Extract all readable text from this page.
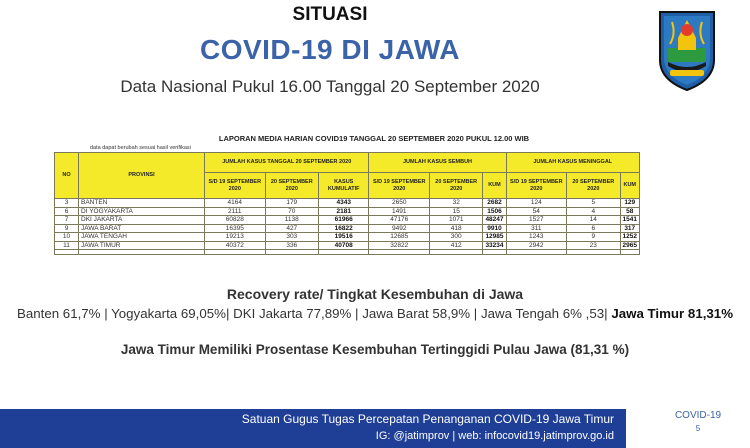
SITUASI
COVID-19 DI JAWA
Data Nasional Pukul 16.00 Tanggal 20 September 2020
LAPORAN MEDIA HARIAN COVID19 TANGGAL 20 SEPTEMBER 2020 PUKUL 12.00 WIB
data dapat berubah sesuai hasil verifikasi
NO	PROVINSI	JUMLAH KASUS TANGGAL 20 SEPTEMBER 2020			JUMLAH KASUS SEMBUH			JUMLAH KASUS MENINGGAL		
		S/D 19 SEPTEMBER 2020	20 SEPTEMBER 2020	KASUS KUMULATIF	S/D 19 SEPTEMBER 2020	20 SEPTEMBER 2020	KUM	S/D 19 SEPTEMBER 2020	20 SEPTEMBER 2020	KUM
3	BANTEN	4164	179	4343	2650	32	2682	124	5	129
6	DI YOGYAKARTA	2111	70	2181	1491	15	1506	54	4	58
7	DKI JAKARTA	60828	1138	61966	47176	1071	48247	1527	14	1541
9	JAWA BARAT	16395	427	16822	9492	418	9910	311	6	317
10	JAWA TENGAH	19213	303	19516	12685	300	12985	1243	9	1252
11	JAWA TIMUR	40372	336	40708	32822	412	33234	2942	23	2965

Recovery rate/ Tingkat Kesembuhan di Jawa
Banten 61,7% | Yogyakarta 69,05%| DKI Jakarta 77,89% | Jawa Barat 58,9% | Jawa Tengah 6% ,53| Jawa Timur 81,31%
Jawa Timur Memiliki Prosentase Kesembuhan Tertinggidi Pulau Jawa (81,31 %)
Satuan Gugus Tugas Percepatan Penanganan COVID-19 Jawa Timur
IG: @jatimprov | web: infocovid19.jatimprov.go.id
COVID-19
5
